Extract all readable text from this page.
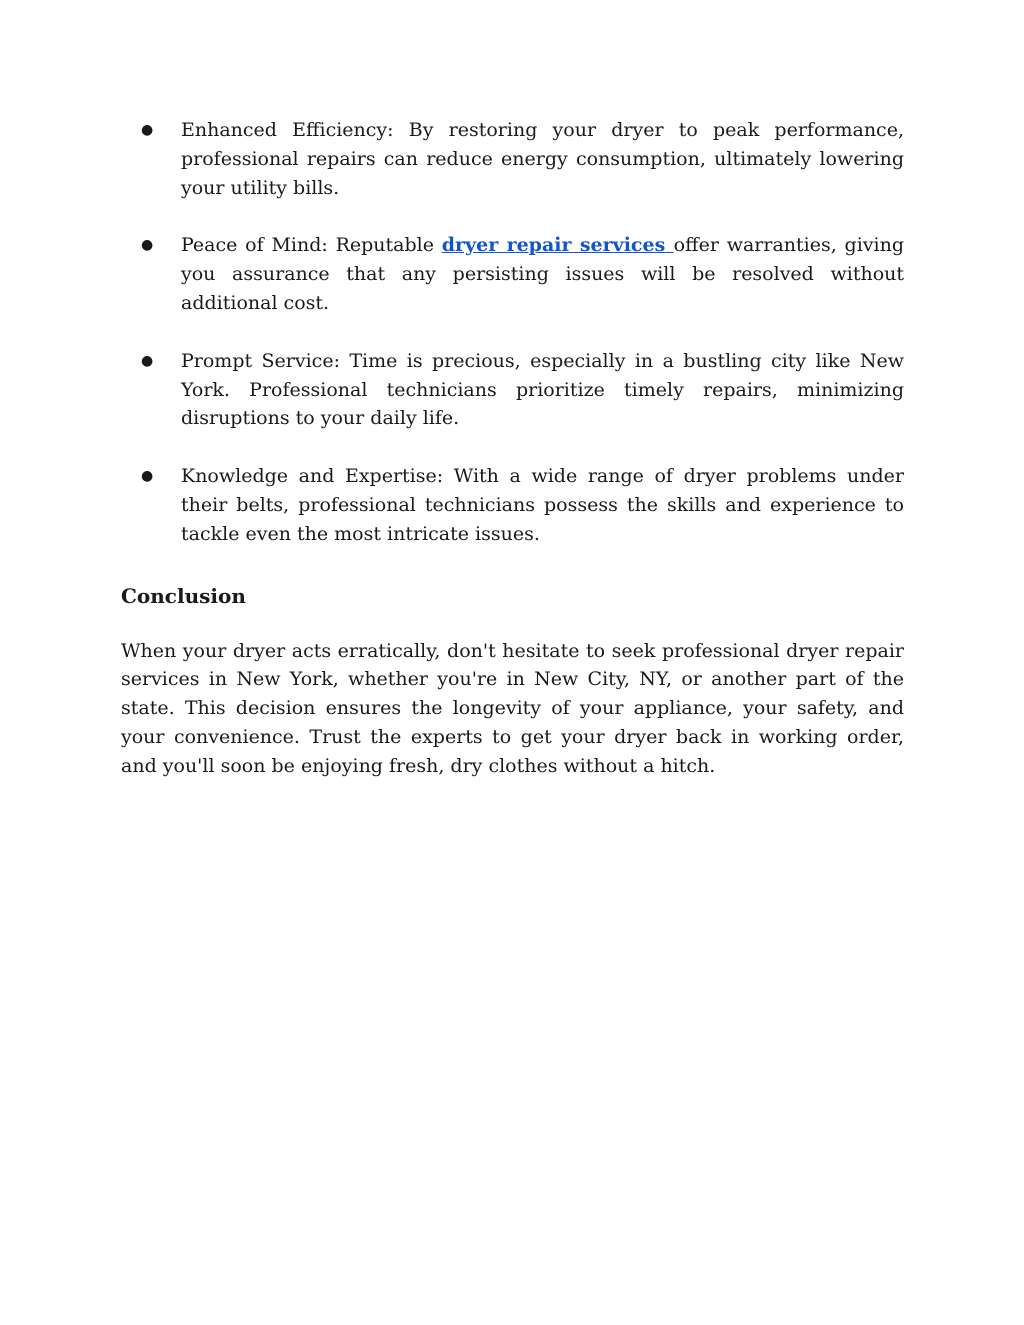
● Enhanced Efficiency: By restoring your dryer to peak performance, professional repairs can reduce energy consumption, ultimately lowering your utility bills.
● Peace of Mind: Reputable dryer repair services offer warranties, giving you assurance that any persisting issues will be resolved without additional cost.
● Prompt Service: Time is precious, especially in a bustling city like New York. Professional technicians prioritize timely repairs, minimizing disruptions to your daily life.
● Knowledge and Expertise: With a wide range of dryer problems under their belts, professional technicians possess the skills and experience to tackle even the most intricate issues.
Conclusion

When your dryer acts erratically, don't hesitate to seek professional dryer repair services in New York, whether you're in New City, NY, or another part of the state. This decision ensures the longevity of your appliance, your safety, and your convenience. Trust the experts to get your dryer back in working order, and you'll soon be enjoying fresh, dry clothes without a hitch.
